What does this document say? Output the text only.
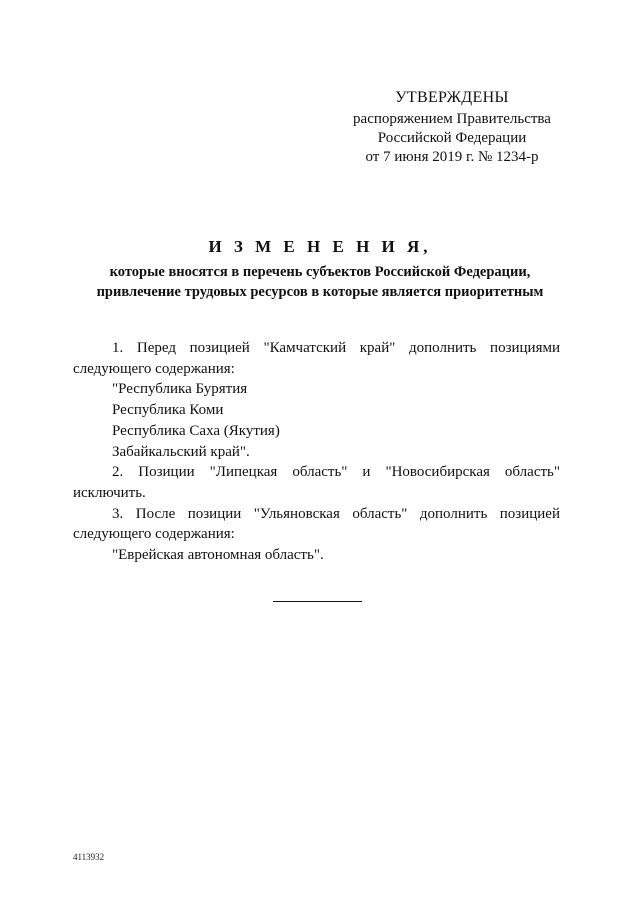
УТВЕРЖДЕНЫ
распоряжением Правительства
Российской Федерации
от 7 июня 2019 г. № 1234-р
И З М Е Н Е Н И Я,
которые вносятся в перечень субъектов Российской Федерации,
привлечение трудовых ресурсов в которые является приоритетным
1. Перед позицией "Камчатский край" дополнить позициями следующего содержания:
"Республика Бурятия
Республика Коми
Республика Саха (Якутия)
Забайкальский край".
2. Позиции "Липецкая область" и "Новосибирская область" исключить.
3. После позиции "Ульяновская область" дополнить позицией следующего содержания:
"Еврейская автономная область".
4113932
